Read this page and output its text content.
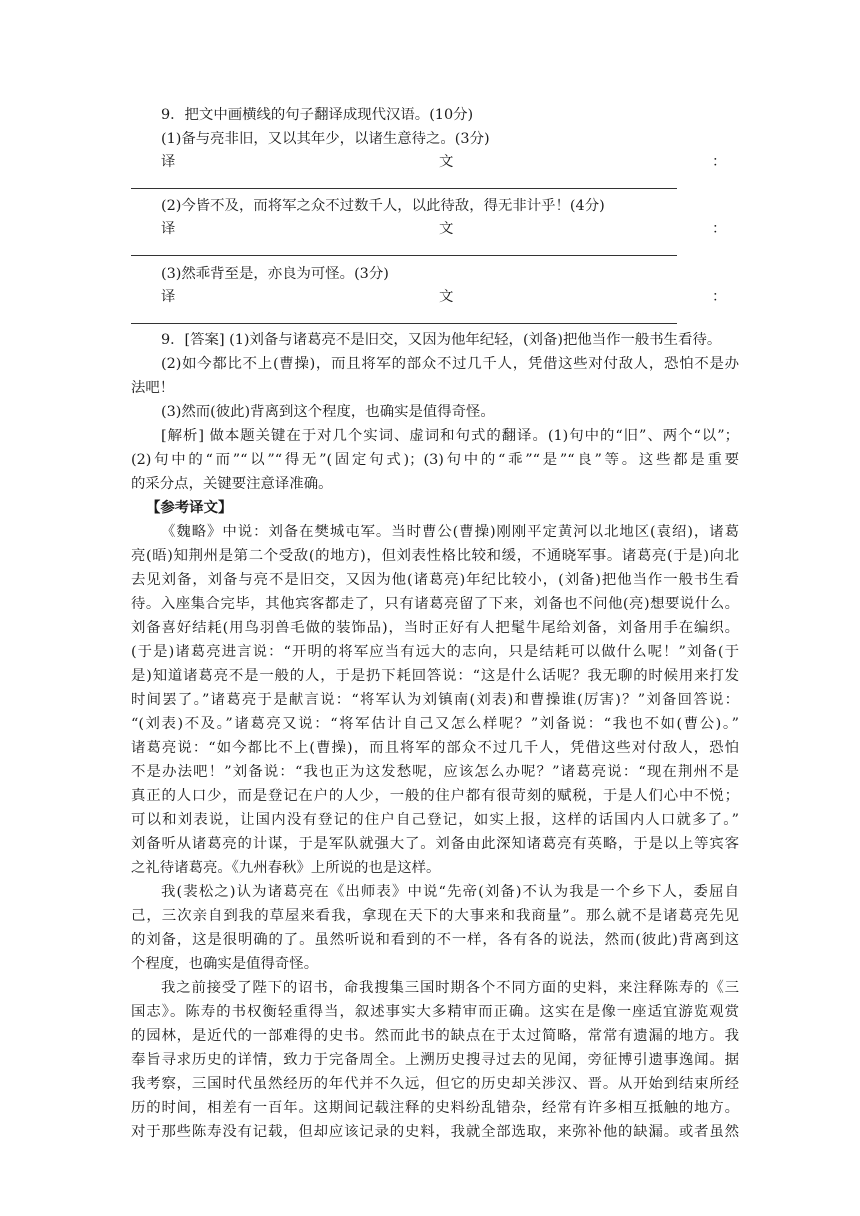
9．把文中画横线的句子翻译成现代汉语。(10分)
(1)备与亮非旧，又以其年少，以诸生意待之。(3分)
译	文	：
(2)今皆不及，而将军之众不过数千人，以此待敌，得无非计乎！(4分)
译	文	：
(3)然乖背至是，亦良为可怪。(3分)
译	文	：
9．[答案] (1)刘备与诸葛亮不是旧交，又因为他年纪轻，(刘备)把他当作一般书生看待。
(2)如今都比不上(曹操)，而且将军的部众不过几千人，凭借这些对付敌人，恐怕不是办
法吧！
(3)然而(彼此)背离到这个程度，也确实是值得奇怪。
[解析] 做本题关键在于对几个实词、虚词和句式的翻译。(1)句中的“旧”、两个“以”；
(2)句中的“而”“以”“得无”(固定句式)；(3)句中的“乖”“是”“良”等。这些都是重要
的采分点，关键要注意译准确。
【参考译文】
《魏略》中说：刘备在樊城屯军。当时曹公(曹操)刚刚平定黄河以北地区(袁绍)，诸葛
亮(晤)知荆州是第二个受敌(的地方)，但刘表性格比较和缓，不通晓军事。诸葛亮(于是)向北
去见刘备，刘备与亮不是旧交，又因为他(诸葛亮)年纪比较小，(刘备)把他当作一般书生看
待。入座集合完毕，其他宾客都走了，只有诸葛亮留了下来，刘备也不问他(亮)想要说什么。
刘备喜好结耗(用鸟羽兽毛做的装饰品)，当时正好有人把髦牛尾给刘备，刘备用手在编织。
(于是)诸葛亮进言说：“开明的将军应当有远大的志向，只是结耗可以做什么呢！”刘备(于
是)知道诸葛亮不是一般的人，于是扔下耗回答说：“这是什么话呢？我无聊的时候用来打发
时间罢了。”诸葛亮于是献言说：“将军认为刘镇南(刘表)和曹操谁(厉害)？”刘备回答说：
“(刘表)不及。”诸葛亮又说：“将军估计自己又怎么样呢？”刘备说：“我也不如(曹公)。”
诸葛亮说：“如今都比不上(曹操)，而且将军的部众不过几千人，凭借这些对付敌人，恐怕
不是办法吧！”刘备说：“我也正为这发愁呢，应该怎么办呢？”诸葛亮说：“现在荆州不是
真正的人口少，而是登记在户的人少，一般的住户都有很苛刻的赋税，于是人们心中不悦；
可以和刘表说，让国内没有登记的住户自己登记，如实上报，这样的话国内人口就多了。”
刘备听从诸葛亮的计谋，于是军队就强大了。刘备由此深知诸葛亮有英略，于是以上等宾客
之礼待诸葛亮。《九州春秋》上所说的也是这样。
我(裴松之)认为诸葛亮在《出师表》中说“先帝(刘备)不认为我是一个乡下人，委屈自
己，三次亲自到我的草屋来看我，拿现在天下的大事来和我商量”。那么就不是诸葛亮先见
的刘备，这是很明确的了。虽然听说和看到的不一样，各有各的说法，然而(彼此)背离到这
个程度，也确实是值得奇怪。
我之前接受了陛下的诏书，命我搜集三国时期各个不同方面的史料，来注释陈寿的《三
国志》。陈寿的书权衡轻重得当，叙述事实大多精审而正确。这实在是像一座适宜游览观赏
的园林，是近代的一部难得的史书。然而此书的缺点在于太过简略，常常有遗漏的地方。我
奉旨寻求历史的详情，致力于完备周全。上溯历史搜寻过去的见闻，旁征博引遗事逸闻。据
我考察，三国时代虽然经历的年代并不久远，但它的历史却关涉汉、晋。从开始到结束所经
历的时间，相差有一百年。这期间记载注释的史料纷乱错杂，经常有许多相互抵触的地方。
对于那些陈寿没有记载，但却应该记录的史料，我就全部选取，来弥补他的缺漏。或者虽然
